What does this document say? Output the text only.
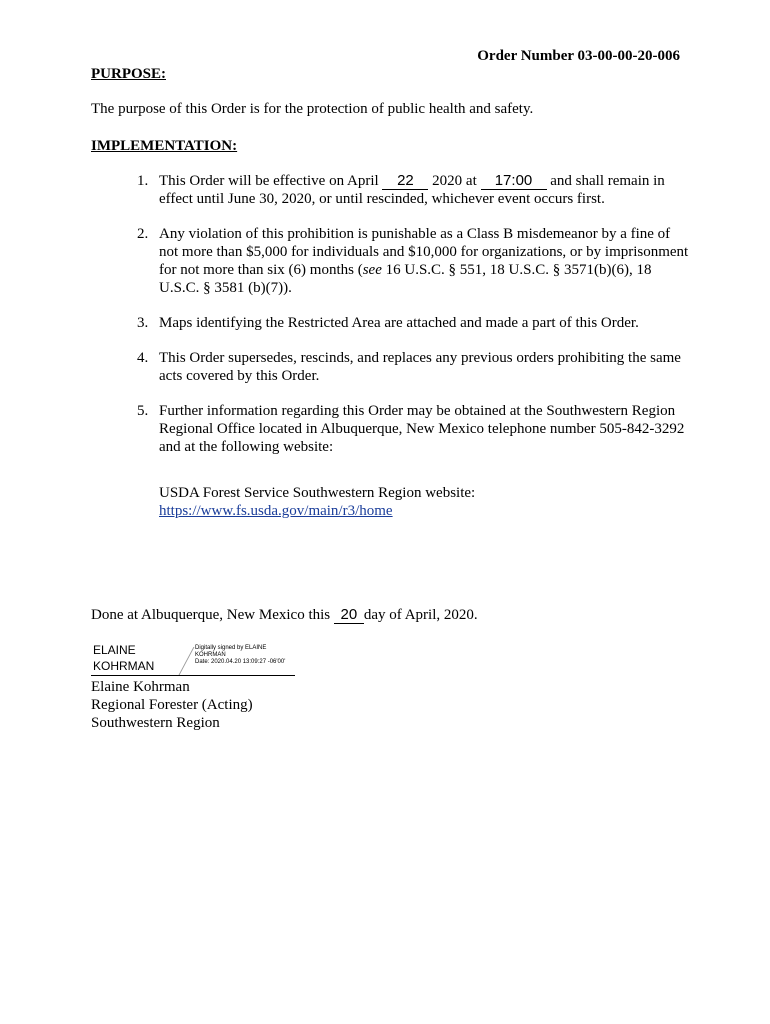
Order Number 03-00-00-20-006
PURPOSE:
The purpose of this Order is for the protection of public health and safety.
IMPLEMENTATION:
1. This Order will be effective on April 22 2020 at 17:00 and shall remain in effect until June 30, 2020, or until rescinded, whichever event occurs first.
2. Any violation of this prohibition is punishable as a Class B misdemeanor by a fine of not more than $5,000 for individuals and $10,000 for organizations, or by imprisonment for not more than six (6) months (see 16 U.S.C. § 551, 18 U.S.C. § 3571(b)(6), 18 U.S.C. § 3581 (b)(7)).
3. Maps identifying the Restricted Area are attached and made a part of this Order.
4. This Order supersedes, rescinds, and replaces any previous orders prohibiting the same acts covered by this Order.
5. Further information regarding this Order may be obtained at the Southwestern Region Regional Office located in Albuquerque, New Mexico telephone number 505-842-3292 and at the following website:
USDA Forest Service Southwestern Region website:
https://www.fs.usda.gov/main/r3/home
Done at Albuquerque, New Mexico this 20 day of April, 2020.
ELAINE
KOHRMAN
Digitally signed by ELAINE
KOHRMAN
Date: 2020.04.20 13:09:27 -06'00'
Elaine Kohrman
Regional Forester (Acting)
Southwestern Region
